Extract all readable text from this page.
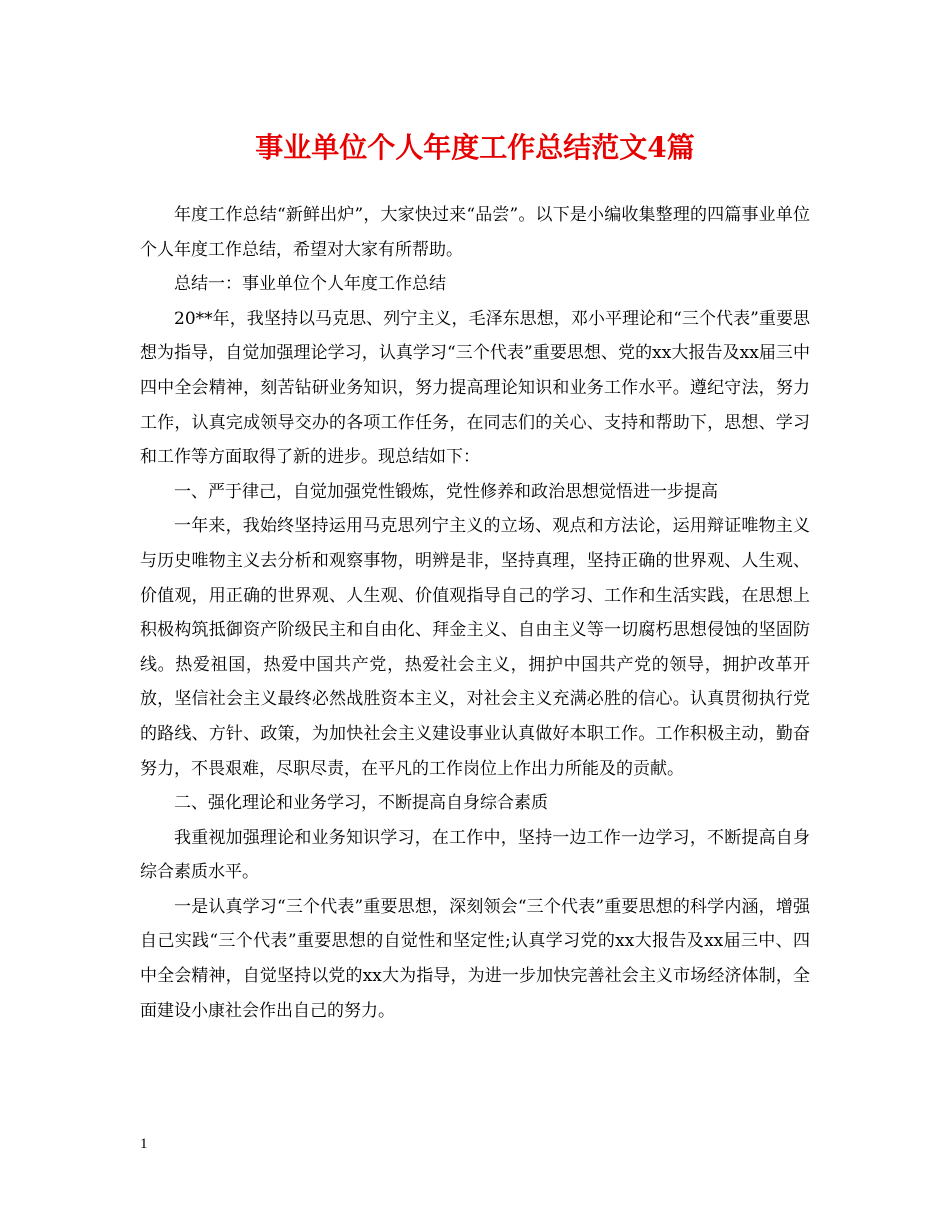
事业单位个人年度工作总结范文4篇

年度工作总结“新鲜出炉”，大家快过来“品尝”。以下是小编收集整理的四篇事业单位个人年度工作总结，希望对大家有所帮助。

总结一：事业单位个人年度工作总结

20**年，我坚持以马克思、列宁主义，毛泽东思想，邓小平理论和“三个代表”重要思想为指导，自觉加强理论学习，认真学习“三个代表”重要思想、党的xx大报告及xx届三中四中全会精神，刻苦钻研业务知识，努力提高理论知识和业务工作水平。遵纪守法，努力工作，认真完成领导交办的各项工作任务，在同志们的关心、支持和帮助下，思想、学习和工作等方面取得了新的进步。现总结如下：

一、严于律己，自觉加强党性锻炼，党性修养和政治思想觉悟进一步提高

一年来，我始终坚持运用马克思列宁主义的立场、观点和方法论，运用辩证唯物主义与历史唯物主义去分析和观察事物，明辨是非，坚持真理，坚持正确的世界观、人生观、价值观，用正确的世界观、人生观、价值观指导自己的学习、工作和生活实践，在思想上积极构筑抵御资产阶级民主和自由化、拜金主义、自由主义等一切腐朽思想侵蚀的坚固防线。热爱祖国，热爱中国共产党，热爱社会主义，拥护中国共产党的领导，拥护改革开放，坚信社会主义最终必然战胜资本主义，对社会主义充满必胜的信心。认真贯彻执行党的路线、方针、政策，为加快社会主义建设事业认真做好本职工作。工作积极主动，勤奋努力，不畏艰难，尽职尽责，在平凡的工作岗位上作出力所能及的贡献。

二、强化理论和业务学习，不断提高自身综合素质

我重视加强理论和业务知识学习，在工作中，坚持一边工作一边学习，不断提高自身综合素质水平。

一是认真学习“三个代表”重要思想，深刻领会“三个代表”重要思想的科学内涵，增强自己实践“三个代表”重要思想的自觉性和坚定性;认真学习党的xx大报告及xx届三中、四中全会精神，自觉坚持以党的xx大为指导，为进一步加快完善社会主义市场经济体制，全面建设小康社会作出自己的努力。

1
